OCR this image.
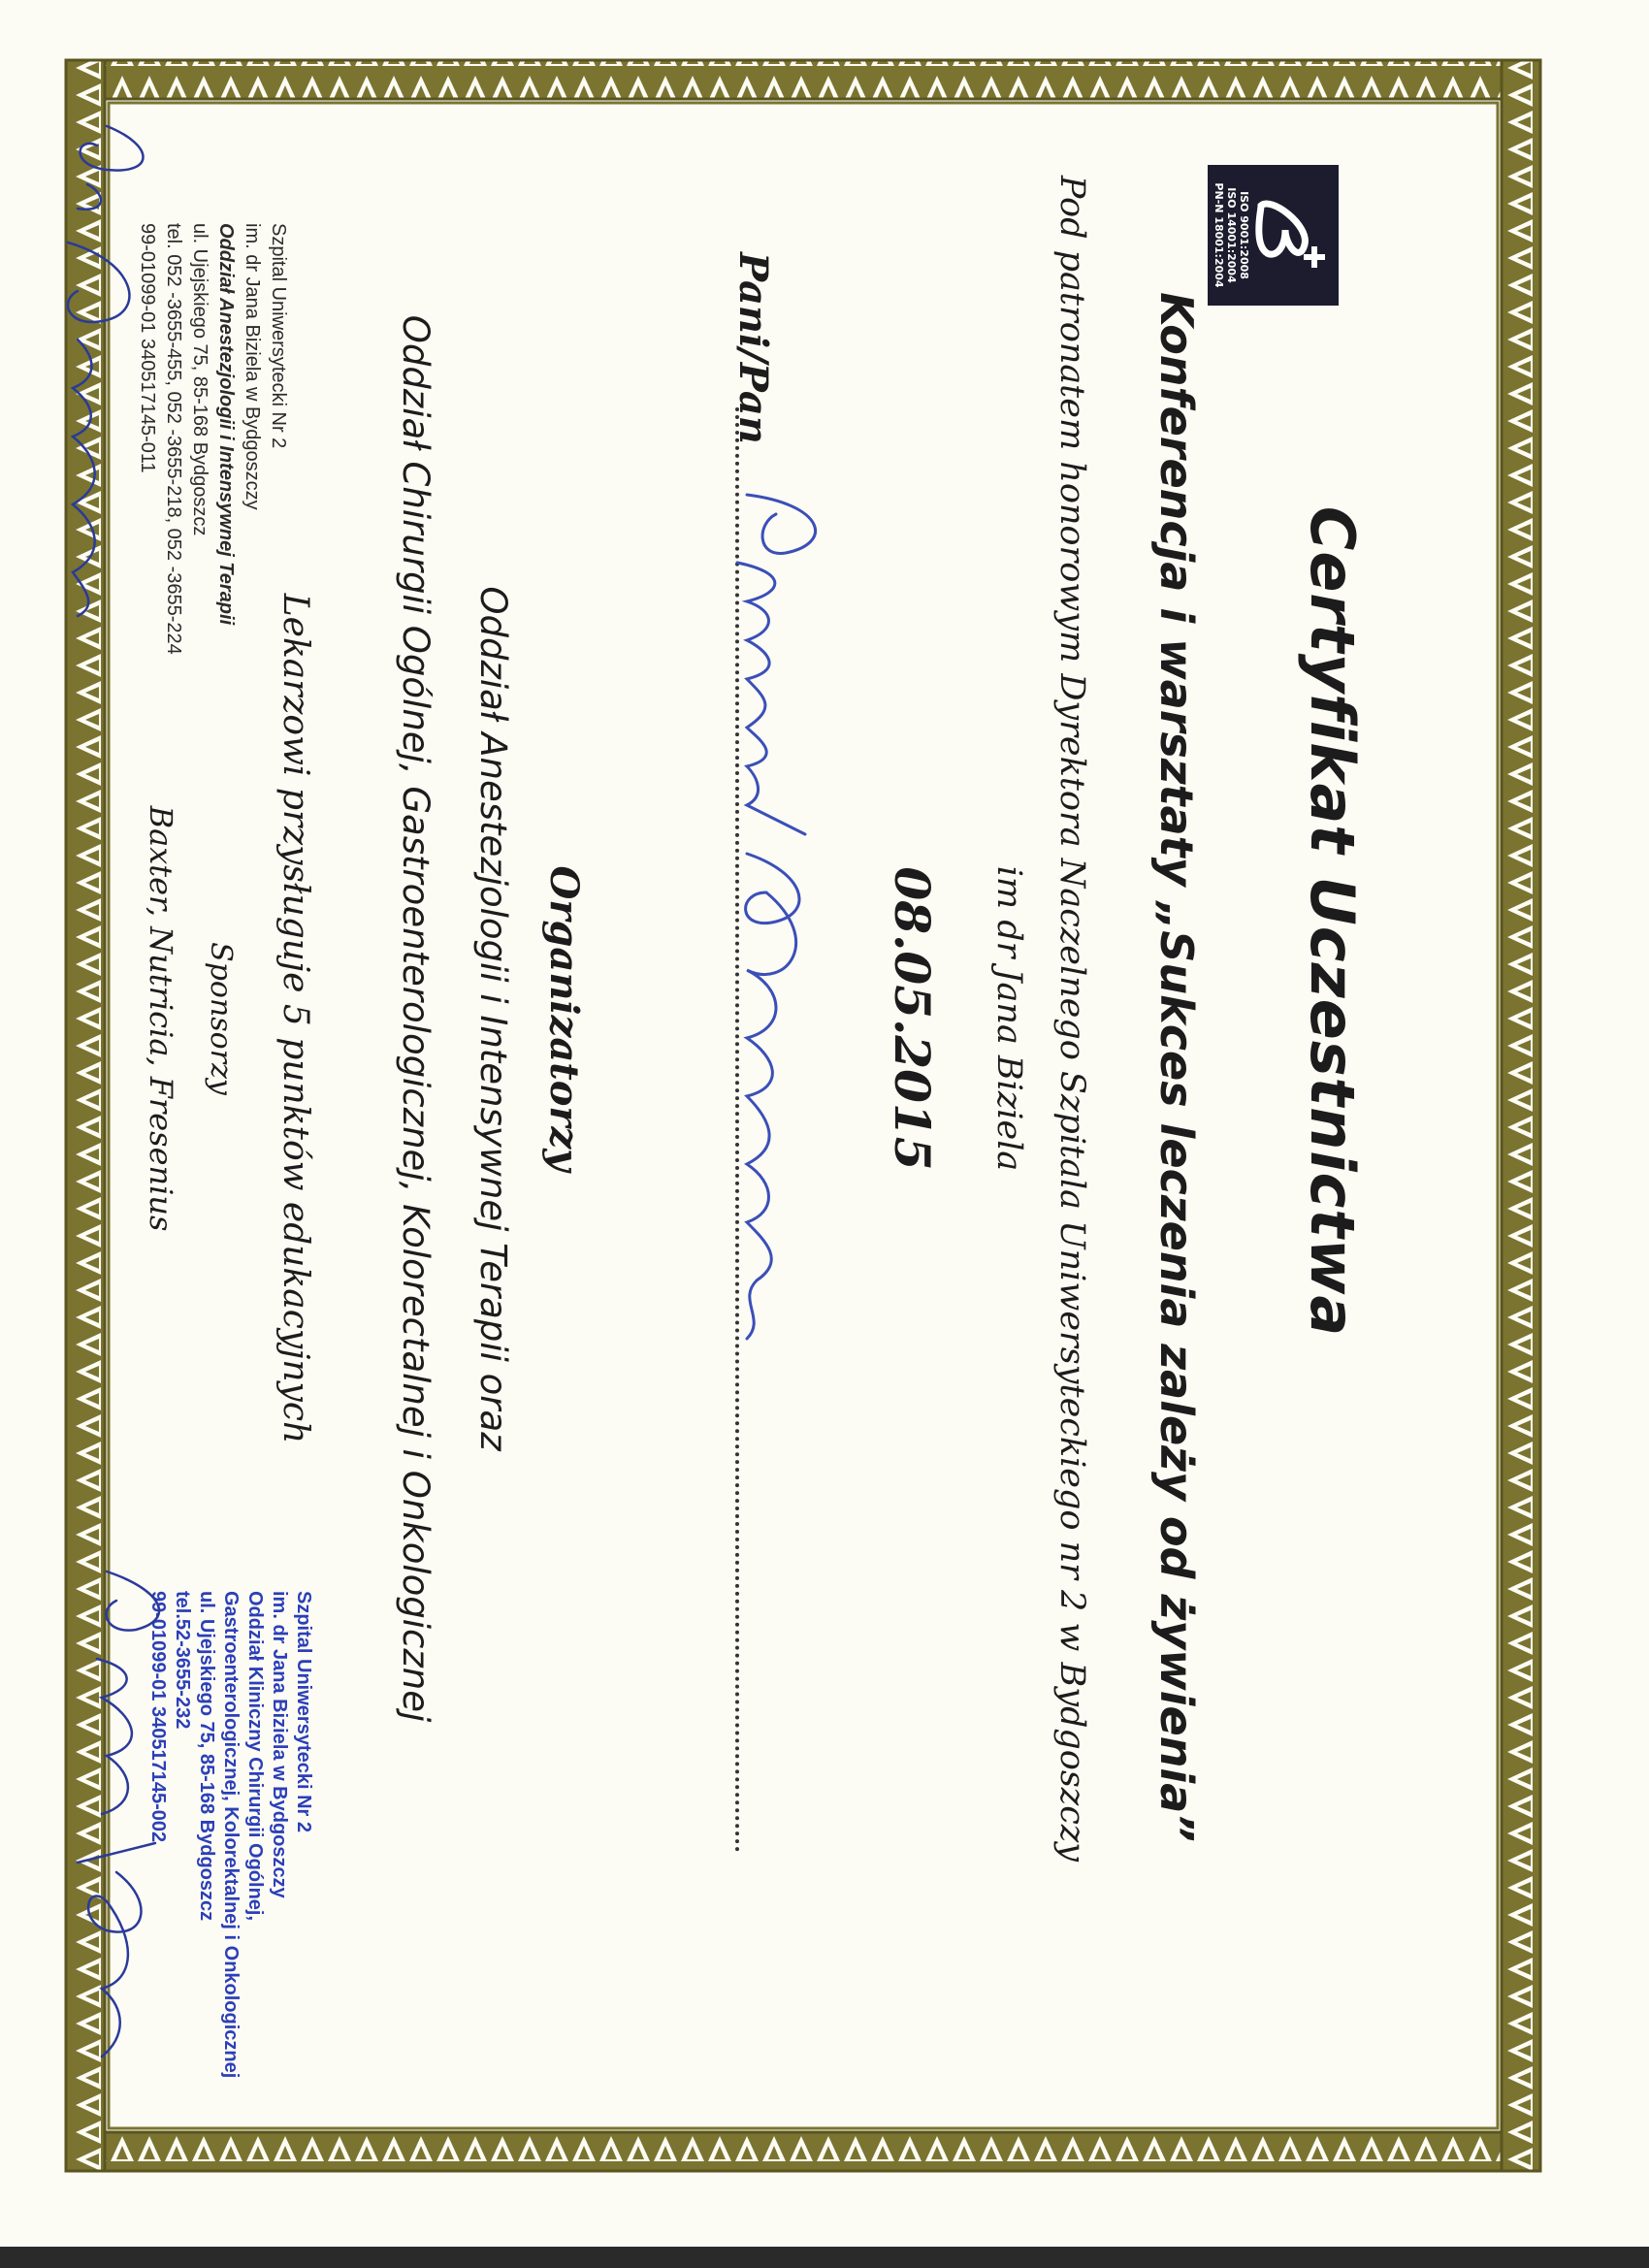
ISO 9001:2008
ISO 14001:2004
PN-N 18001:2004
Certyfikat Uczestnictwa
Konferencja i warsztaty „Sukces leczenia zależy od żywienia”
Pod patronatem honorowym Dyrektora Naczelnego Szpitala Uniwersyteckiego nr 2 w Bydgoszczy
im dr Jana Biziela
08.05.2015
Pani/Pan
Organizatorzy
Oddział Anestezjologii i Intensywnej Terapii oraz
Oddział Chirurgii Ogólnej, Gastroenterologicznej, Kolorectalnej i Onkologicznej
Lekarzowi przysługuje 5 punktów edukacyjnych
Sponsorzy
Baxter, Nutricia, Fresenius
Szpital Uniwersytecki Nr 2
im. dr Jana Biziela w Bydgoszczy
Oddział Anestezjologii i Intensywnej Terapii
ul. Ujejskiego 75, 85-168 Bydgoszcz
tel. 052 -3655-455, 052 -3655-218, 052 -3655-224
99-01099-01 340517145-011
Szpital Uniwersytecki Nr 2
im. dr Jana Biziela w Bydgoszczy
Oddział Kliniczny Chirurgii Ogólnej,
Gastroenterologicznej, Kolorektalnej i Onkologicznej
ul. Ujejskiego 75, 85-168 Bydgoszcz
tel.52-3655-232
99-01099-01 340517145-002
